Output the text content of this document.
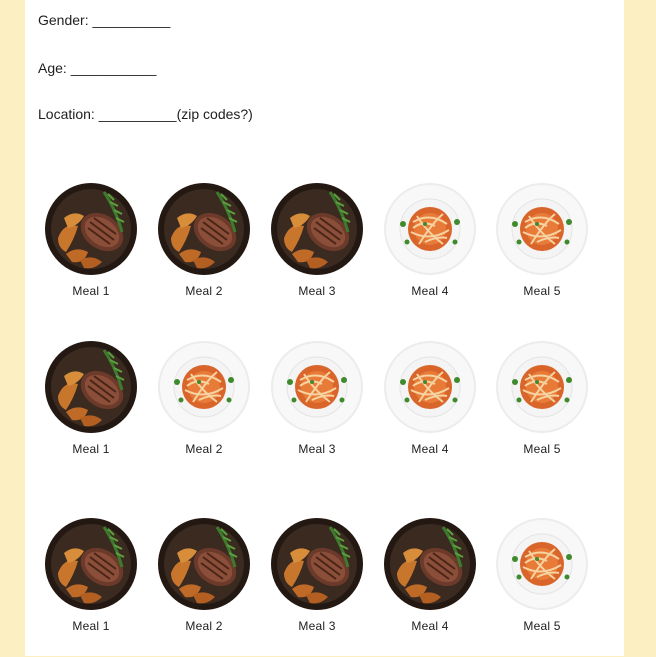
Gender: __________
Age: ___________
Location: __________(zip codes?)
Meal 1	Meal 2	Meal 3	Meal 4	Meal 5
Meal 1	Meal 2	Meal 3	Meal 4	Meal 5
Meal 1	Meal 2	Meal 3	Meal 4	Meal 5
